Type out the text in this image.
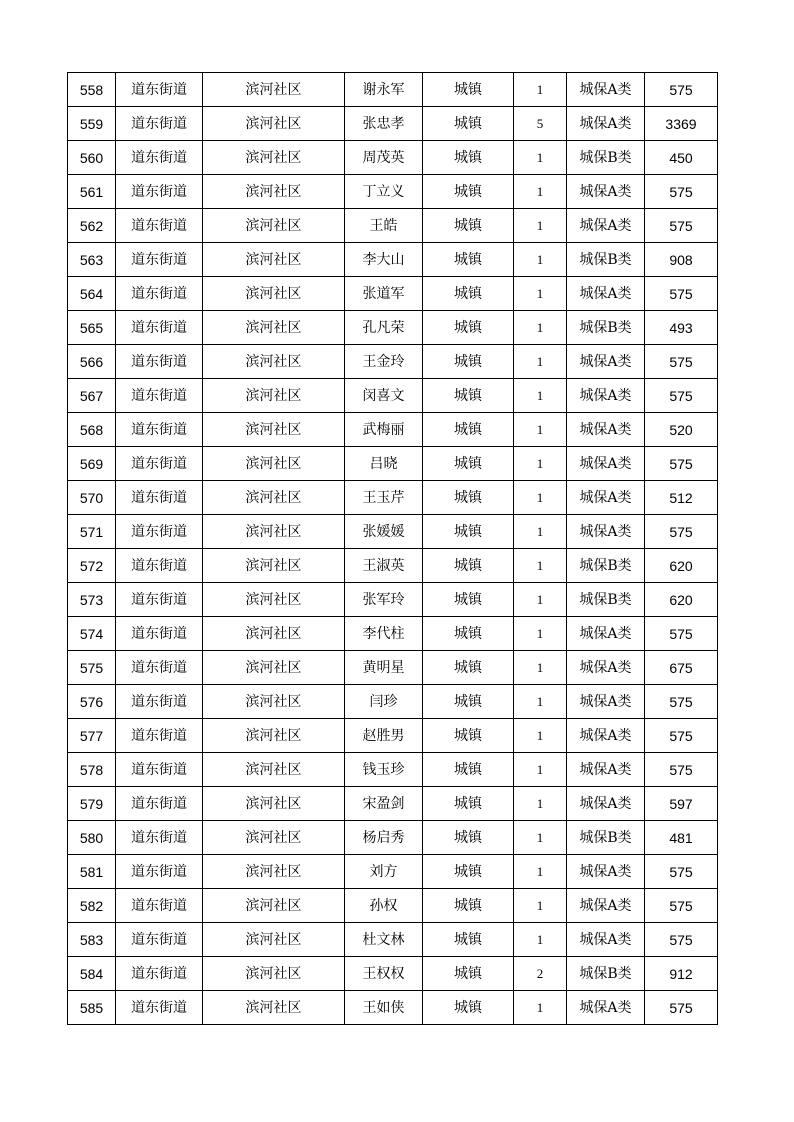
558	道东街道	滨河社区	谢永军	城镇	1	城保A类	575
559	道东街道	滨河社区	张忠孝	城镇	5	城保A类	3369
560	道东街道	滨河社区	周茂英	城镇	1	城保B类	450
561	道东街道	滨河社区	丁立义	城镇	1	城保A类	575
562	道东街道	滨河社区	王皓	城镇	1	城保A类	575
563	道东街道	滨河社区	李大山	城镇	1	城保B类	908
564	道东街道	滨河社区	张道军	城镇	1	城保A类	575
565	道东街道	滨河社区	孔凡荣	城镇	1	城保B类	493
566	道东街道	滨河社区	王金玲	城镇	1	城保A类	575
567	道东街道	滨河社区	闵喜文	城镇	1	城保A类	575
568	道东街道	滨河社区	武梅丽	城镇	1	城保A类	520
569	道东街道	滨河社区	吕晓	城镇	1	城保A类	575
570	道东街道	滨河社区	王玉芹	城镇	1	城保A类	512
571	道东街道	滨河社区	张媛媛	城镇	1	城保A类	575
572	道东街道	滨河社区	王淑英	城镇	1	城保B类	620
573	道东街道	滨河社区	张军玲	城镇	1	城保B类	620
574	道东街道	滨河社区	李代柱	城镇	1	城保A类	575
575	道东街道	滨河社区	黄明星	城镇	1	城保A类	675
576	道东街道	滨河社区	闫珍	城镇	1	城保A类	575
577	道东街道	滨河社区	赵胜男	城镇	1	城保A类	575
578	道东街道	滨河社区	钱玉珍	城镇	1	城保A类	575
579	道东街道	滨河社区	宋盈剑	城镇	1	城保A类	597
580	道东街道	滨河社区	杨启秀	城镇	1	城保B类	481
581	道东街道	滨河社区	刘方	城镇	1	城保A类	575
582	道东街道	滨河社区	孙权	城镇	1	城保A类	575
583	道东街道	滨河社区	杜文林	城镇	1	城保A类	575
584	道东街道	滨河社区	王权权	城镇	2	城保B类	912
585	道东街道	滨河社区	王如侠	城镇	1	城保A类	575
